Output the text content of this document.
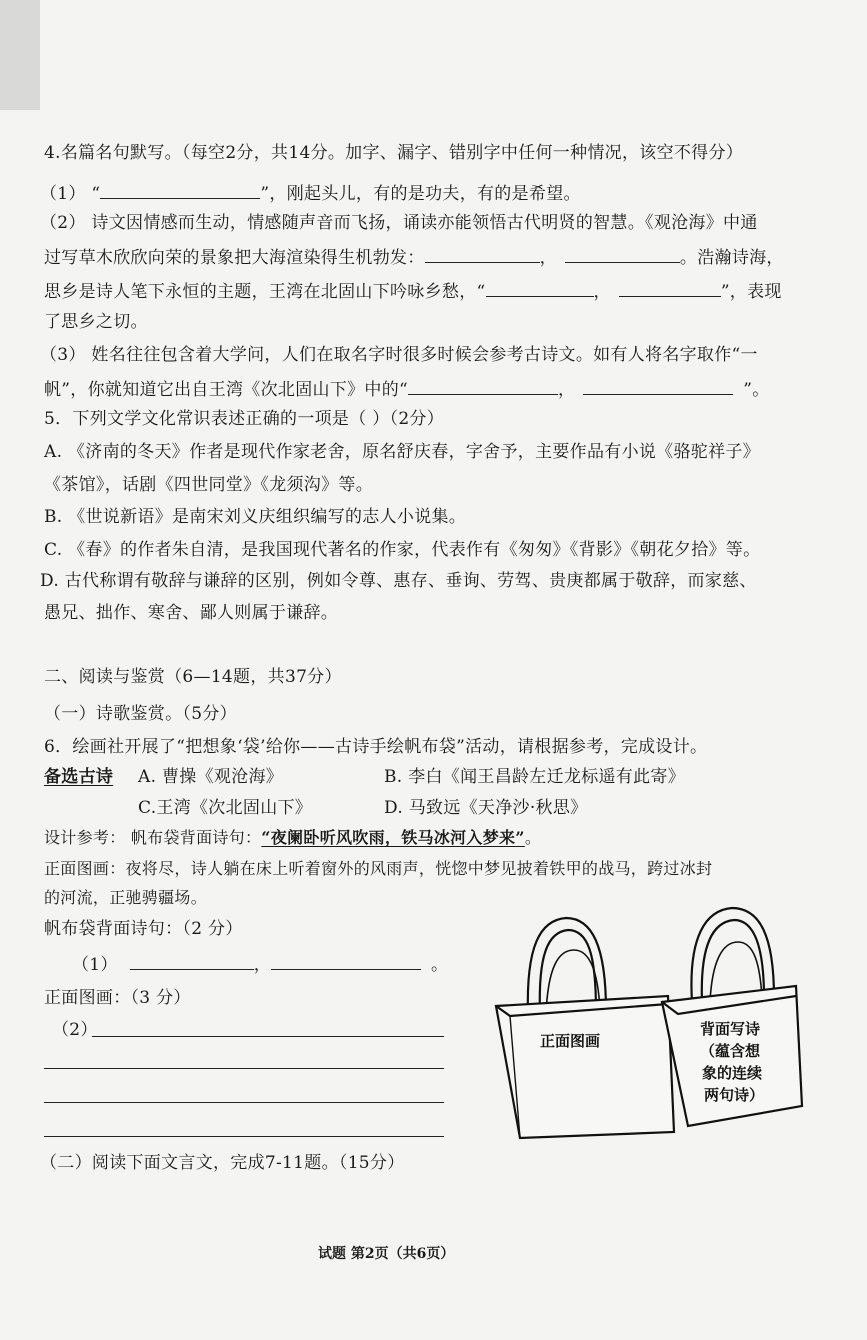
4.名篇名句默写。（每空2分，共14分。加字、漏字、错别字中任何一种情况，该空不得分）
（1） “	”，刚起头儿，有的是功夫，有的是希望。
（2） 诗文因情感而生动，情感随声音而飞扬，诵读亦能领悟古代明贤的智慧。《观沧海》中通
过写草木欣欣向荣的景象把大海渲染得生机勃发：	，	。浩瀚诗海，
思乡是诗人笔下永恒的主题，王湾在北固山下吟咏乡愁，“	，	”，表现
了思乡之切。
（3） 姓名往往包含着大学问，人们在取名字时很多时候会参考古诗文。如有人将名字取作“一
帆”，你就知道它出自王湾《次北固山下》中的“	，	”。
5．下列文学文化常识表述正确的一项是（ ）（2分）
A. 《济南的冬天》作者是现代作家老舍，原名舒庆春，字舍予，主要作品有小说《骆驼祥子》
《茶馆》，话剧《四世同堂》《龙须沟》等。
B. 《世说新语》是南宋刘义庆组织编写的志人小说集。
C. 《春》的作者朱自清，是我国现代著名的作家，代表作有《匆匆》《背影》《朝花夕拾》等。
D. 古代称谓有敬辞与谦辞的区别，例如令尊、惠存、垂询、劳驾、贵庚都属于敬辞，而家慈、
愚兄、拙作、寒舍、鄙人则属于谦辞。
二、阅读与鉴赏（6—14题，共37分）
（一）诗歌鉴赏。（5分）
6．绘画社开展了“把想象‘袋’给你——古诗手绘帆布袋”活动，请根据参考，完成设计。
备选古诗 A. 曹操《观沧海》	B. 李白《闻王昌龄左迁龙标遥有此寄》
C.王湾《次北固山下》	D. 马致远《天净沙·秋思》
设计参考： 帆布袋背面诗句：“夜阑卧听风吹雨，铁马冰河入梦来”。
正面图画：夜将尽，诗人躺在床上听着窗外的风雨声，恍惚中梦见披着铁甲的战马，跨过冰封
的河流，正驰骋疆场。
帆布袋背面诗句：（2 分）
（1）	，	。
正面图画：（3 分）
（2）
正面图画
背面写诗
（蕴含想
象的连续
两句诗）
（二）阅读下面文言文，完成7-11题。（15分）
试题 第2页（共6页）
